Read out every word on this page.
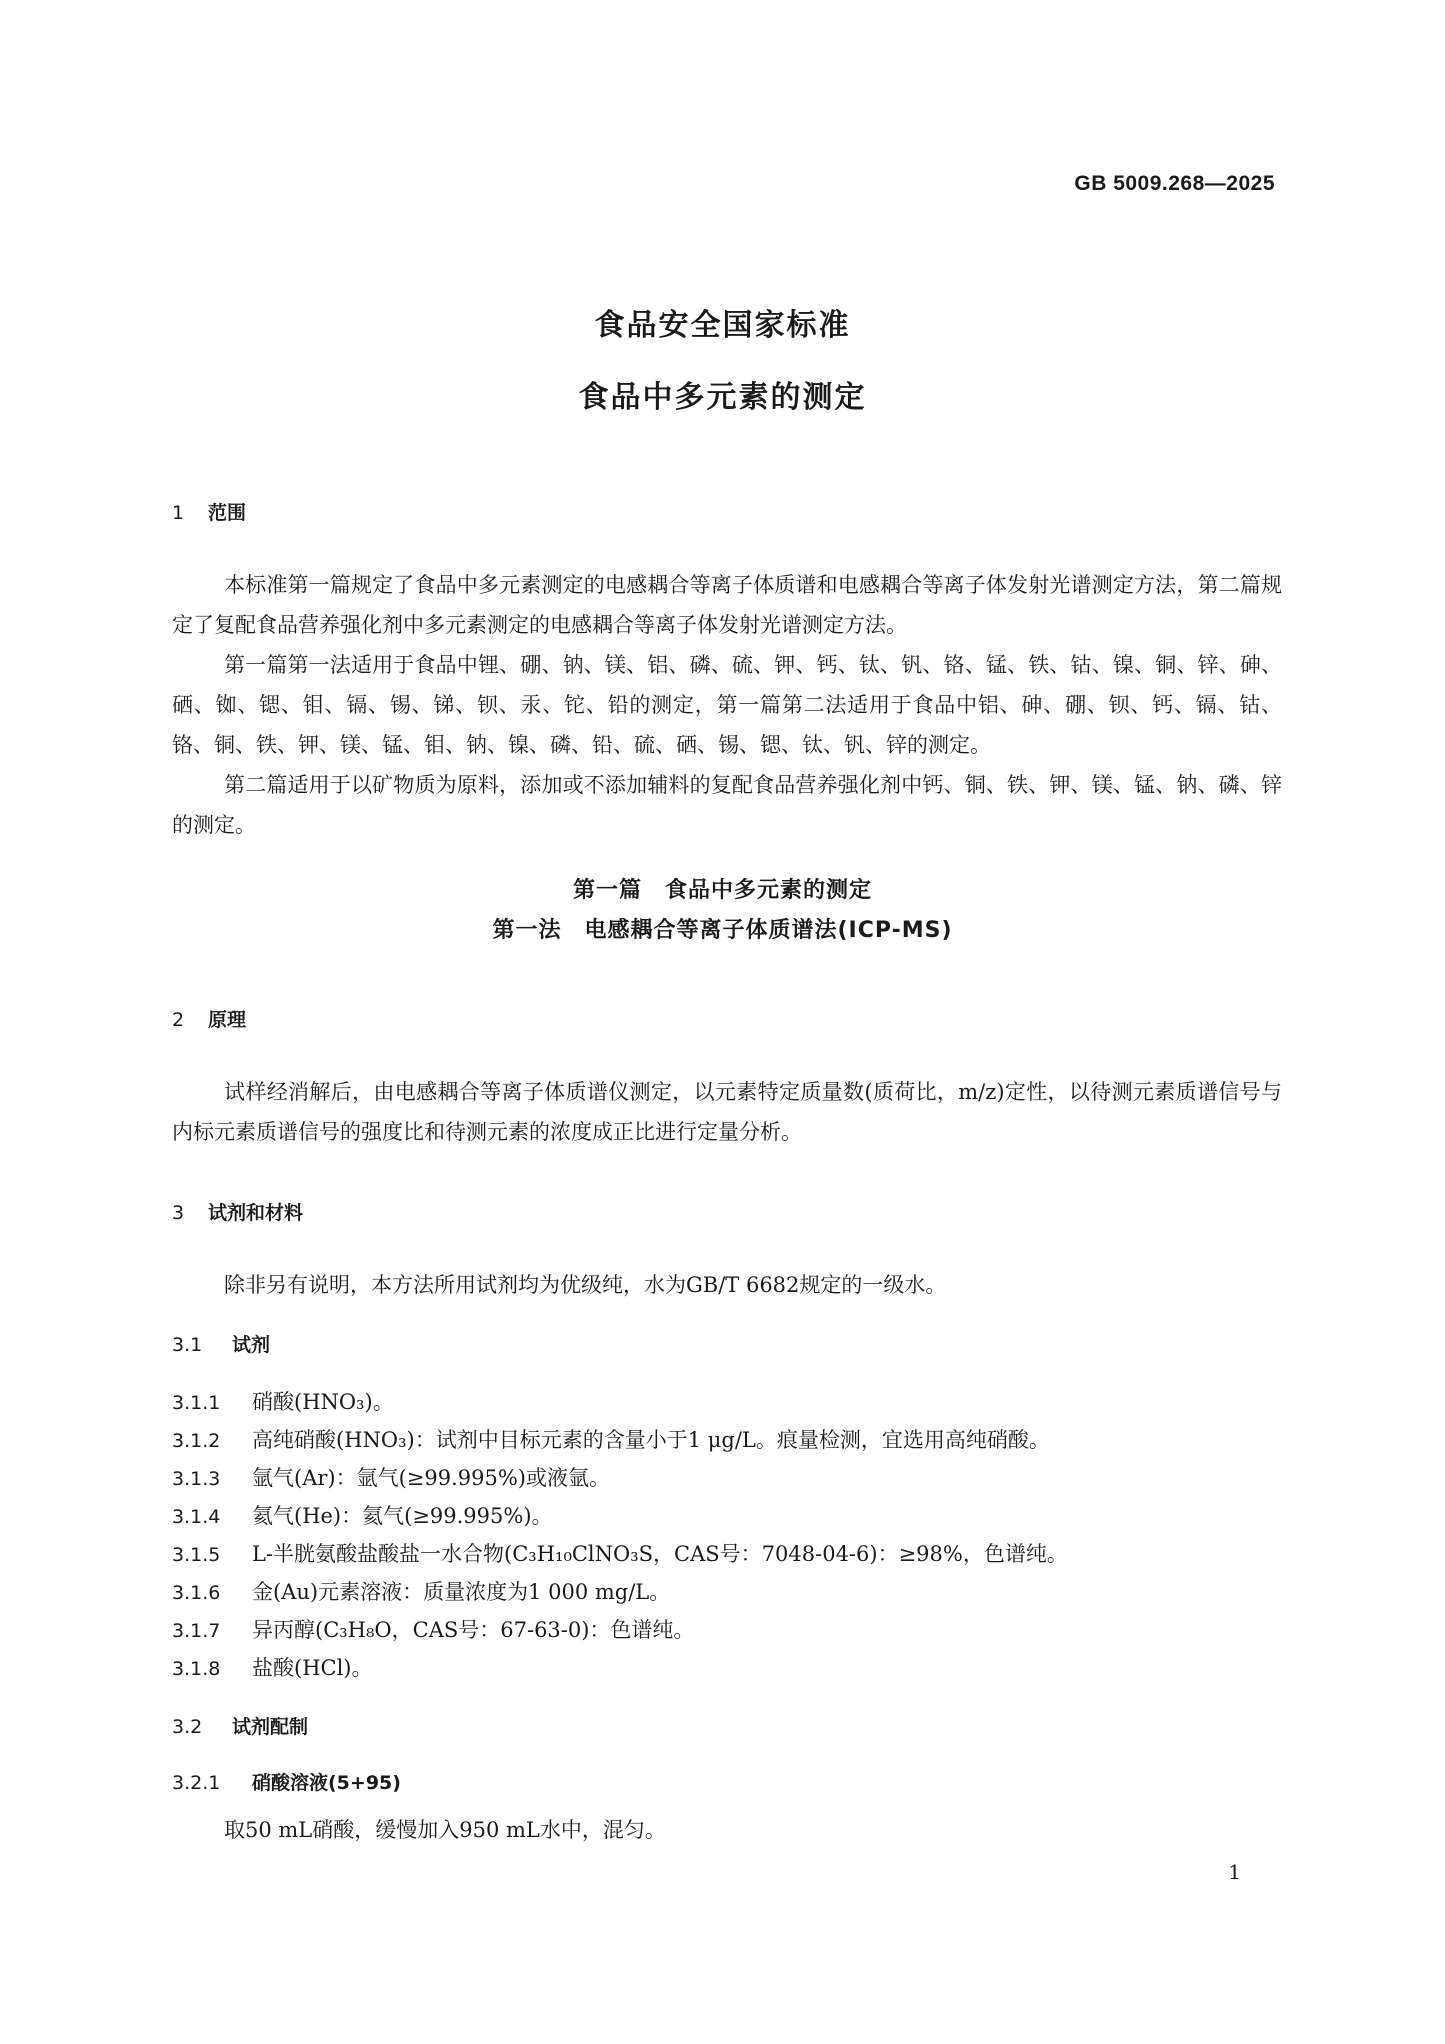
GB 5009.268—2025
食品安全国家标准
食品中多元素的测定
1 范围
本标准第一篇规定了食品中多元素测定的电感耦合等离子体质谱和电感耦合等离子体发射光谱测定方法，第二篇规定了复配食品营养强化剂中多元素测定的电感耦合等离子体发射光谱测定方法。
第一篇第一法适用于食品中锂、硼、钠、镁、铝、磷、硫、钾、钙、钛、钒、铬、锰、铁、钴、镍、铜、锌、砷、硒、铷、锶、钼、镉、锡、锑、钡、汞、铊、铅的测定，第一篇第二法适用于食品中铝、砷、硼、钡、钙、镉、钴、铬、铜、铁、钾、镁、锰、钼、钠、镍、磷、铅、硫、硒、锡、锶、钛、钒、锌的测定。
第二篇适用于以矿物质为原料，添加或不添加辅料的复配食品营养强化剂中钙、铜、铁、钾、镁、锰、钠、磷、锌的测定。
第一篇　食品中多元素的测定
第一法　电感耦合等离子体质谱法(ICP-MS)
2 原理
试样经消解后，由电感耦合等离子体质谱仪测定，以元素特定质量数(质荷比，m/z)定性，以待测元素质谱信号与内标元素质谱信号的强度比和待测元素的浓度成正比进行定量分析。
3 试剂和材料
除非另有说明，本方法所用试剂均为优级纯，水为GB/T 6682规定的一级水。
3.1 试剂
3.1.1 硝酸(HNO₃)。
3.1.2 高纯硝酸(HNO₃)：试剂中目标元素的含量小于1 μg/L。痕量检测，宜选用高纯硝酸。
3.1.3 氩气(Ar)：氩气(≥99.995%)或液氩。
3.1.4 氦气(He)：氦气(≥99.995%)。
3.1.5 L-半胱氨酸盐酸盐一水合物(C₃H₁₀ClNO₃S，CAS号：7048-04-6)：≥98%，色谱纯。
3.1.6 金(Au)元素溶液：质量浓度为1 000 mg/L。
3.1.7 异丙醇(C₃H₈O，CAS号：67-63-0)：色谱纯。
3.1.8 盐酸(HCl)。
3.2 试剂配制
3.2.1 硝酸溶液(5+95)
取50 mL硝酸，缓慢加入950 mL水中，混匀。
1
